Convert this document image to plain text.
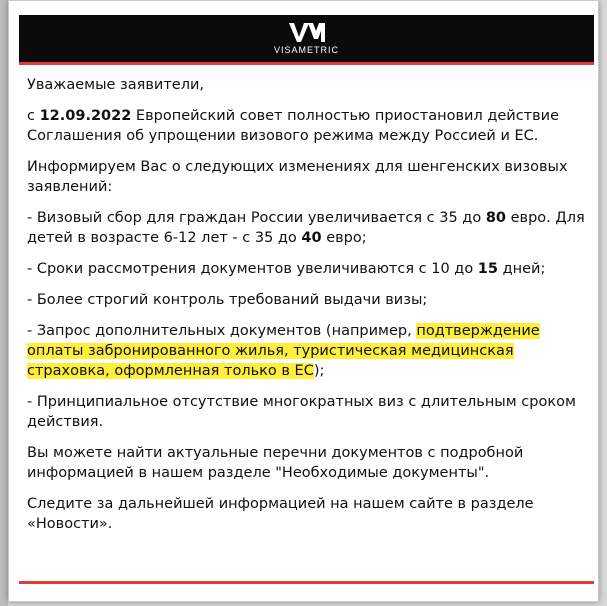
VISAMETRIC

Уважаемые заявители,

с 12.09.2022 Европейский совет полностью приостановил действие Соглашения об упрощении визового режима между Россией и ЕС.

Информируем Вас о следующих изменениях для шенгенских визовых заявлений:

- Визовый сбор для граждан России увеличивается с 35 до 80 евро. Для детей в возрасте 6-12 лет - с 35 до 40 евро;

- Сроки рассмотрения документов увеличиваются с 10 до 15 дней;

- Более строгий контроль требований выдачи визы;

- Запрос дополнительных документов (например, подтверждение оплаты забронированного жилья, туристическая медицинская страховка, оформленная только в ЕС);

- Принципиальное отсутствие многократных виз с длительным сроком действия.

Вы можете найти актуальные перечни документов с подробной информацией в нашем разделе "Необходимые документы".

Следите за дальнейшей информацией на нашем сайте в разделе «Новости».
